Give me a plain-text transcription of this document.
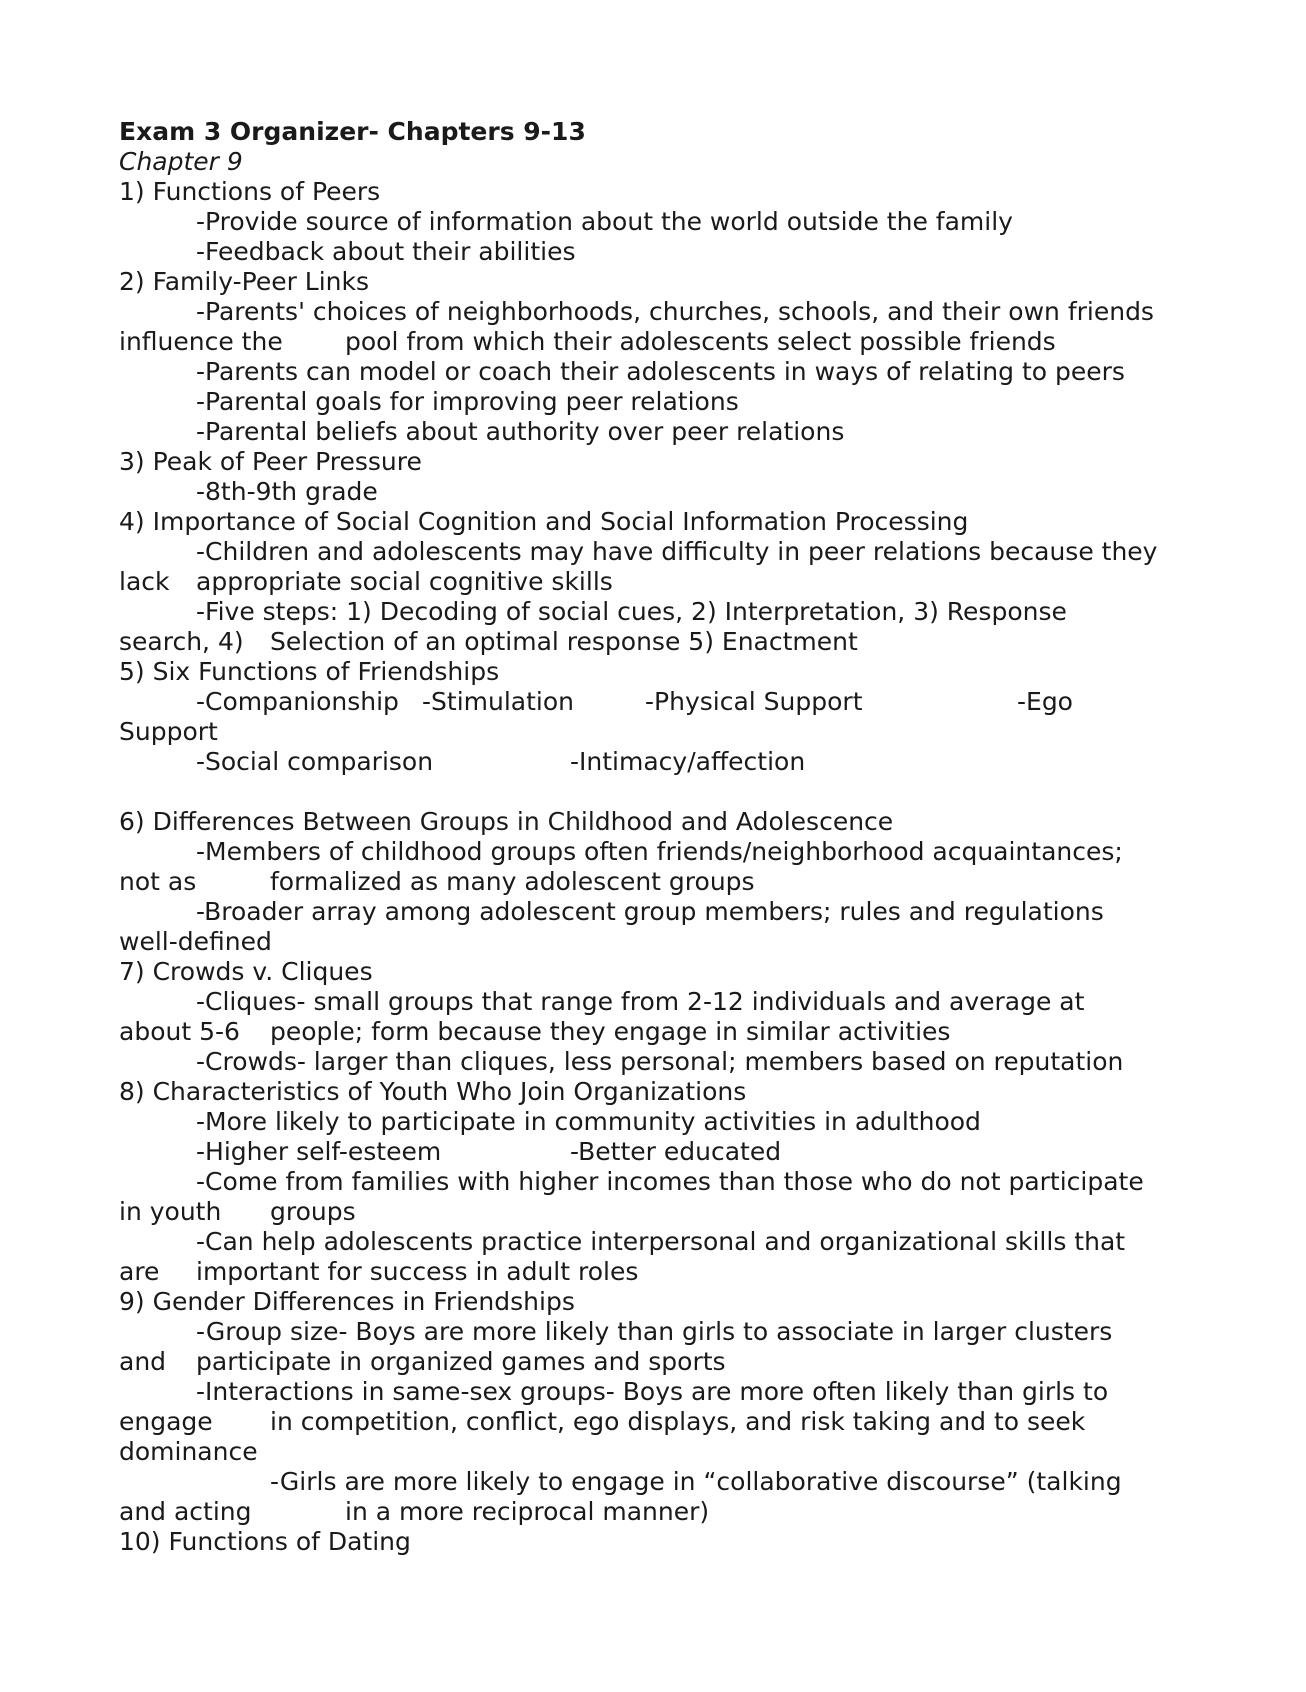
Exam 3 Organizer- Chapters 9-13
Chapter 9
1) Functions of Peers
-Provide source of information about the world outside the family
-Feedback about their abilities
2) Family-Peer Links
-Parents' choices of neighborhoods, churches, schools, and their own friends
influence the pool from which their adolescents select possible friends
-Parents can model or coach their adolescents in ways of relating to peers
-Parental goals for improving peer relations
-Parental beliefs about authority over peer relations
3) Peak of Peer Pressure
-8th-9th grade
4) Importance of Social Cognition and Social Information Processing
-Children and adolescents may have difficulty in peer relations because they
lack appropriate social cognitive skills
-Five steps: 1) Decoding of social cues, 2) Interpretation, 3) Response
search, 4) Selection of an optimal response 5) Enactment
5) Six Functions of Friendships
-Companionship -Stimulation	-Physical Support	-Ego
Support
-Social comparison	-Intimacy/affection
6) Differences Between Groups in Childhood and Adolescence
-Members of childhood groups often friends/neighborhood acquaintances;
not as	formalized as many adolescent groups
-Broader array among adolescent group members; rules and regulations
well-defined
7) Crowds v. Cliques
-Cliques- small groups that range from 2-12 individuals and average at
about 5-6 people; form because they engage in similar activities
-Crowds- larger than cliques, less personal; members based on reputation
8) Characteristics of Youth Who Join Organizations
-More likely to participate in community activities in adulthood
-Higher self-esteem	-Better educated
-Come from families with higher incomes than those who do not participate
in youth groups
-Can help adolescents practice interpersonal and organizational skills that
are important for success in adult roles
9) Gender Differences in Friendships
-Group size- Boys are more likely than girls to associate in larger clusters
and participate in organized games and sports
-Interactions in same-sex groups- Boys are more often likely than girls to
engage in competition, conflict, ego displays, and risk taking and to seek
dominance
-Girls are more likely to engage in “collaborative discourse” (talking
and acting	in a more reciprocal manner)
10) Functions of Dating
